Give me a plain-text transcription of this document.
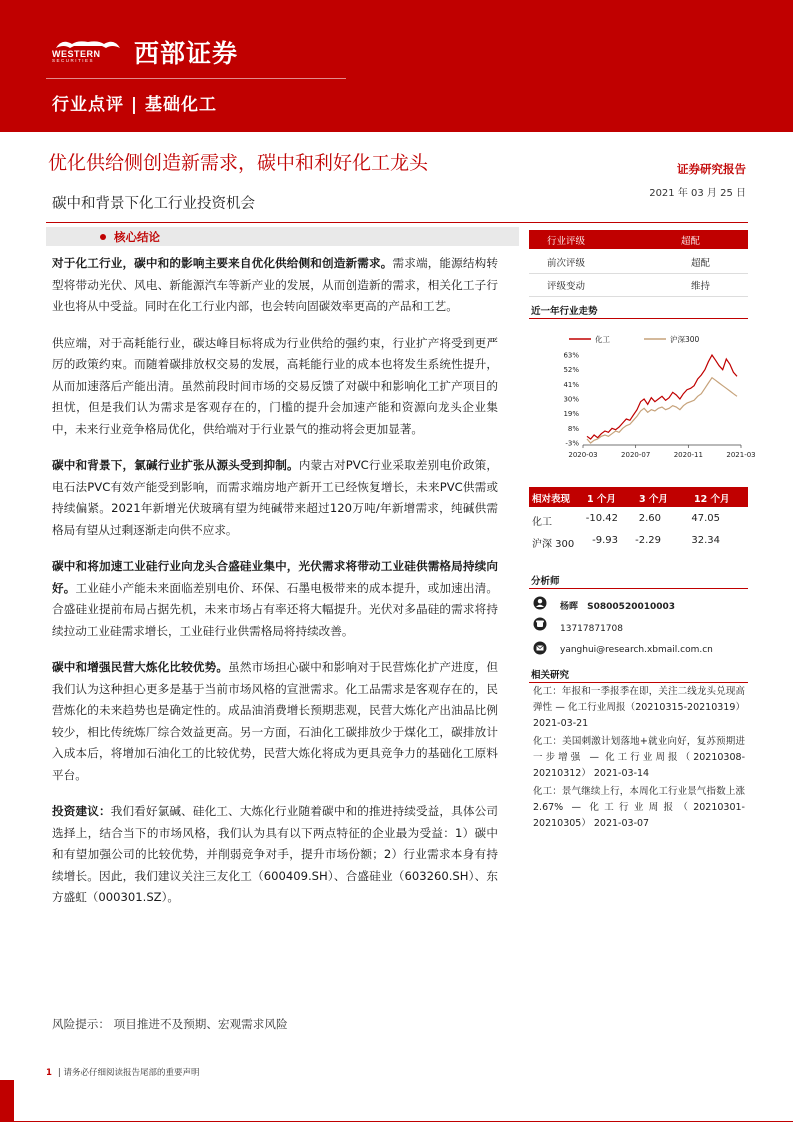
WESTERN
SECURITIES 西部证券
行业点评 | 基础化工
优化供给侧创造新需求，碳中和利好化工龙头	证券研究报告
2021 年 03 月 25 日
碳中和背景下化工行业投资机会
核心结论

对于化工行业，碳中和的影响主要来自优化供给侧和创造新需求。需求端，能源结构转型将带动光伏、风电、新能源汽车等新产业的发展，从而创造新的需求，相关化工子行业也将从中受益。同时在化工行业内部，也会转向固碳效率更高的产品和工艺。

供应端，对于高耗能行业，碳达峰目标将成为行业供给的强约束，行业扩产将受到更严厉的政策约束。而随着碳排放权交易的发展，高耗能行业的成本也将发生系统性提升，从而加速落后产能出清。虽然前段时间市场的交易反馈了对碳中和影响化工扩产项目的担忧，但是我们认为需求是客观存在的，门槛的提升会加速产能和资源向龙头企业集中，未来行业竞争格局优化，供给端对于行业景气的推动将会更加显著。

碳中和背景下，氯碱行业扩张从源头受到抑制。内蒙古对PVC行业采取差别电价政策，电石法PVC有效产能受到影响，而需求端房地产新开工已经恢复增长，未来PVC供需或持续偏紧。2021年新增光伏玻璃有望为纯碱带来超过120万吨/年新增需求，纯碱供需格局有望从过剩逐渐走向供不应求。

碳中和将加速工业硅行业向龙头合盛硅业集中，光伏需求将带动工业硅供需格局持续向好。工业硅小产能未来面临差别电价、环保、石墨电极带来的成本提升，或加速出清。合盛硅业提前布局占据先机，未来市场占有率还将大幅提升。光伏对多晶硅的需求将持续拉动工业硅需求增长，工业硅行业供需格局将持续改善。

碳中和增强民营大炼化比较优势。虽然市场担心碳中和影响对于民营炼化扩产进度，但我们认为这种担心更多是基于当前市场风格的宣泄需求。化工品需求是客观存在的，民营炼化的未来趋势也是确定性的。成品油消费增长预期悲观，民营大炼化产出油品比例较少，相比传统炼厂综合效益更高。另一方面，石油化工碳排放少于煤化工，碳排放计入成本后，将增加石油化工的比较优势，民营大炼化将成为更具竞争力的基础化工原料平台。

投资建议：我们看好氯碱、硅化工、大炼化行业随着碳中和的推进持续受益，具体公司选择上，结合当下的市场风格，我们认为具有以下两点特征的企业最为受益：1）碳中和有望加强公司的比较优势，并削弱竞争对手，提升市场份额；2）行业需求本身有持续增长。因此，我们建议关注三友化工（600409.SH）、合盛硅业（603260.SH）、东方盛虹（000301.SZ）。

风险提示： 项目推进不及预期、宏观需求风险
行业评级	超配
前次评级	超配
评级变动	维持
近一年行业走势
化工	沪深300
63%
52%
41%
30%
19%
8%
-3%
2020-03	2020-07	2020-11	2021-03
相对表现 1 个月 3 个月	12 个月
化工	-10.42	2.60	47.05
沪深 300	-9.93	-2.29	32.34
分析师
杨晖 S0800520010003
13717871708
yanghui@research.xbmail.com.cn
相关研究

化工：年报和一季报季在即，关注二线龙头兑现高弹性 — 化工行业周报（20210315-20210319） 2021-03-21

化工：美国刺激计划落地+就业向好，复苏预期进一步增强 — 化工行业周报（20210308-20210312） 2021-03-14

化工：景气继续上行，本周化工行业景气指数上涨 2.67% — 化工行业周报（20210301-20210305） 2021-03-07

1 | 请务必仔细阅读报告尾部的重要声明
